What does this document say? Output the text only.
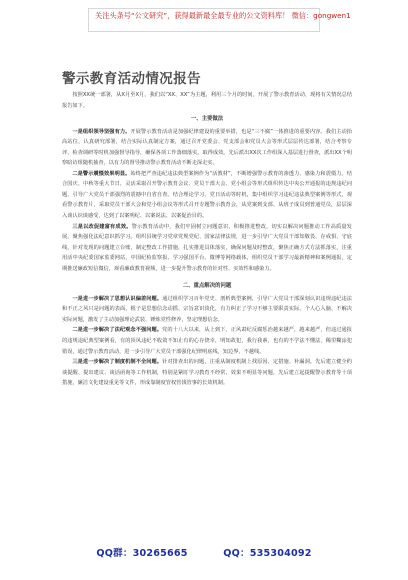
关注头条号“公文研究”，获得最新最全最专业的公文资料库！ 微信：gongwen1
警示教育活动情况报告

按照XX统一部署，从X月至X月，我们以“XX、XX”为主题，利用三个月的时间，开展了警示教育活动，现将有关情况总结报告如下。

一、主要做法

一是组织领导坚强有力。开展警示教育活动是加强纪律建设的重要举措，也是“三不腐”一体推进的重要内容。我们主动抬高站位，认真研究部署，结合实际认真制定方案，通过召开党委会、党支部会和党员大会等形式层层传达部署，结合考察专评、检查调研等时机加强督导指导，确保各项工作落细落实。取得成效。先后派出XX次工作组深入基层进行督查，派出XX个明察暗访组随机抽查，以有力的督导推动警示教育活动不断走深走实。

二是警示震慑效果明显。始终把严查违纪违法典型案例作为“活教材”，不断增强警示教育的渗透力、感染力和震慑力。结合国庆、中秋等重大节日，灵活采取召开警示教育会议、党员干部大会、党小组会等形式组织传达中央公开通报的违规违纪问题，引导广大党员干部强烈的震撼中自省自查。结合理论学习、党日活动等时机，集中组织学习违纪违法典型案例等形式，观看警示教育片，采取党员干部大会和党小组会议等形式召开专题警示教育会，从党案到支部、从班子成员到普通党员，层层深入谈认识谈感受，达到了以案明纪、以案说法、以案促治目的。

三是以改促建富有成效。警示教育活动中，我们牢固树立问题意识，积极推进整改，切实以解决问题推动工作高质量发展，聚焦强化法纪意识抓学习。组织县统学习党章党规党纪、国家法律法规，进一步引导广大党员干部知敬畏、存戒惧、守底线，针对发现的问题建立台账，制定整改工作措施，扎实推进具体落实，确保问题及时整改，聚焦正确方式方法抓落实，注重用活中央纪委国家监委网站、中国纪检监察报、学习强国平台、微博等网络载体，组织党员干部学习最新精神和案例通报，定期推送廉政短信微信，观看廉政教育视频，进一步提升警示教育的针对性、实效性和感染力。

二、重点解决的问题

一是进一步解决了思想认识偏差问题。通过组织学习百年党史、剖析典型案例，引导广大党员干部深刻认识违规违纪违法和不正之风只是问题的表面，根子是思想信念动摇、宗旨意识淡化，有力纠正了学习不够主要职责实际、个人心入脑、不解决实际问题，激发了主动加强理论武装、锤炼党性修养，坚定理想信念。

二是进一步解决了法纪观念不强问题。党的十八大以来，从上到下，正风肃纪反腐惩治越来越严，越来越严，但违过通报的违规违纪典型案例看，有的顶风违纪不收敛不知止有的心存侥幸，明知故犯，我行我素，也有的不学法不懂法，稀里糊涂犯错误，通过警示教育活动，进一步引导广大党员干部强化纪律明底线，知边界、不越线。

三是进一步解决了制度机制不全问题。针对排查出的问题，注重从制度机制上找原因、定措施、补漏洞。先后建立健全约谈提醒、提出建议、谈话函询等工作机制，特别是紧盯学习教育不经常、效果不明显等问题，先后建立起提醒警示教育等十项措施，廉洁文化建设重见等文件，形成靠制度管权管钱管事的长效机制。

QQ群：30265665	QQ：535304092
